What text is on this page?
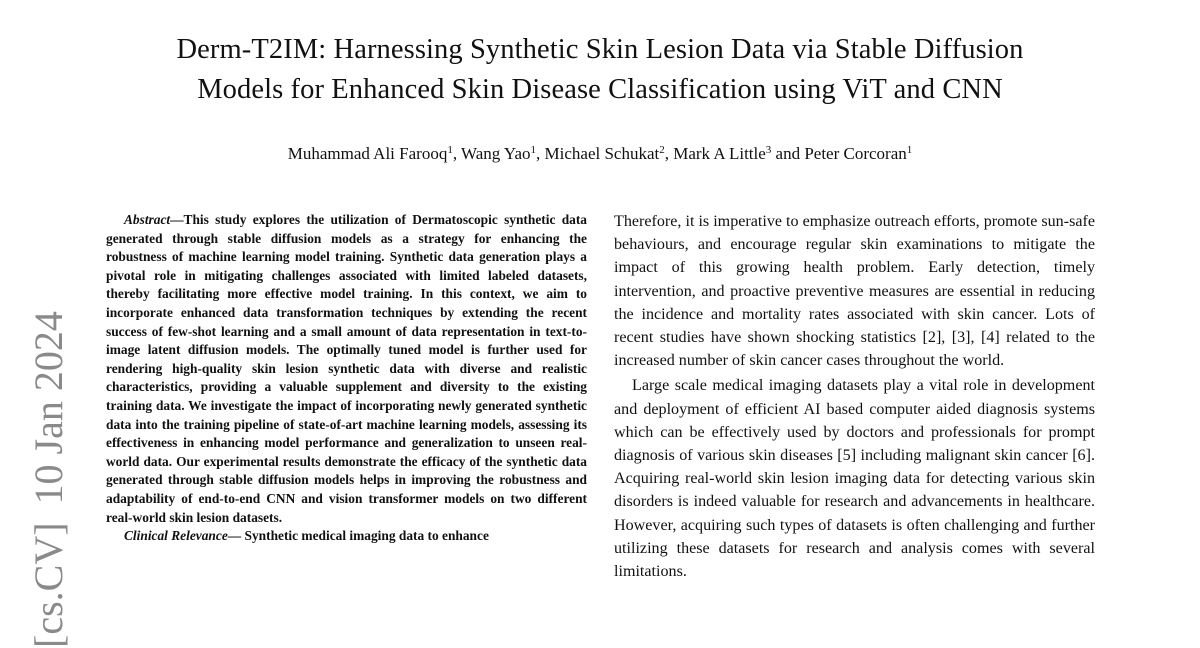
Derm-T2IM: Harnessing Synthetic Skin Lesion Data via Stable Diffusion
Models for Enhanced Skin Disease Classification using ViT and CNN
Muhammad Ali Farooq$^1$, Wang Yao$^1$, Michael Schukat$^2$, Mark A Little$^3$ and Peter Corcoran$^1$
[cs.CV]10 Jan 2024

Abstract—This study explores the utilization of Dermatoscopic synthetic data generated through stable diffusion models as a strategy for enhancing the robustness of machine learning model training. Synthetic data generation plays a pivotal role in mitigating challenges associated with limited labeled datasets, thereby facilitating more effective model training. In this context, we aim to incorporate enhanced data transformation techniques by extending the recent success of few-shot learning and a small amount of data representation in text-to-image latent diffusion models. The optimally tuned model is further used for rendering high-quality skin lesion synthetic data with diverse and realistic characteristics, providing a valuable supplement and diversity to the existing training data. We investigate the impact of incorporating newly generated synthetic data into the training pipeline of state-of-art machine learning models, assessing its effectiveness in enhancing model performance and generalization to unseen real-world data. Our experimental results demonstrate the efficacy of the synthetic data generated through stable diffusion models helps in improving the robustness and adaptability of end-to-end CNN and vision transformer models on two different real-world skin lesion datasets.

Clinical Relevance— Synthetic medical imaging data to enhance

Therefore, it is imperative to emphasize outreach efforts, promote sun-safe behaviours, and encourage regular skin examinations to mitigate the impact of this growing health problem. Early detection, timely intervention, and proactive preventive measures are essential in reducing the incidence and mortality rates associated with skin cancer. Lots of recent studies have shown shocking statistics [2], [3], [4] related to the increased number of skin cancer cases throughout the world.

Large scale medical imaging datasets play a vital role in development and deployment of efficient AI based computer aided diagnosis systems which can be effectively used by doctors and professionals for prompt diagnosis of various skin diseases [5] including malignant skin cancer [6]. Acquiring real-world skin lesion imaging data for detecting various skin disorders is indeed valuable for research and advancements in healthcare. However, acquiring such types of datasets is often challenging and further utilizing these datasets for research and analysis comes with several limitations.
